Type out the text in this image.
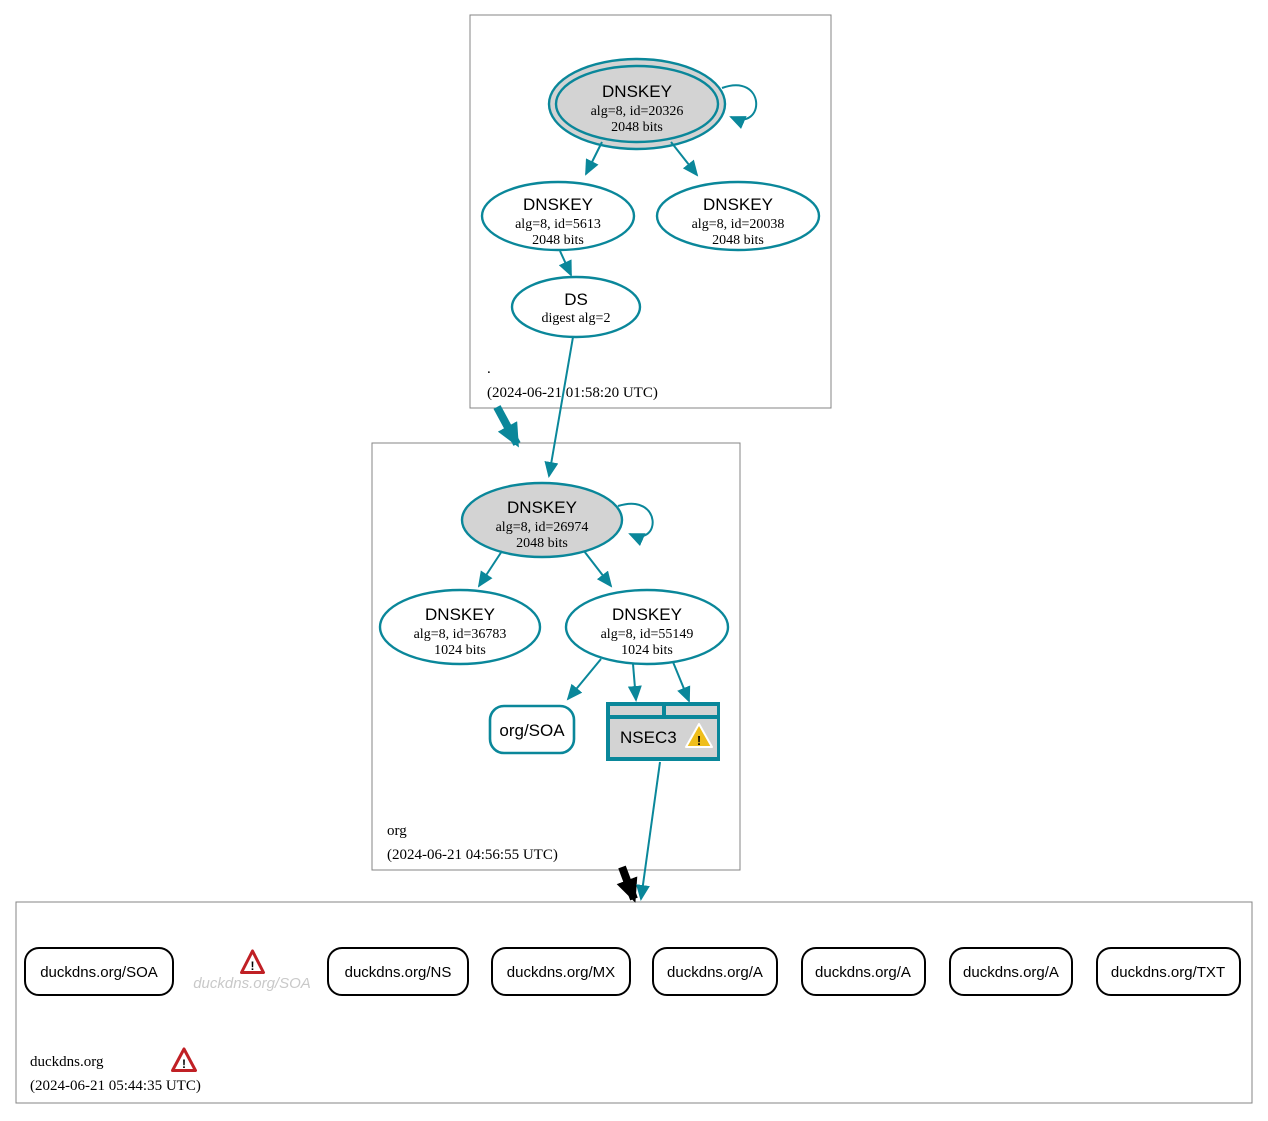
DNSKEY
alg=8, id=20326
2048 bits
DNSKEY
alg=8, id=5613
2048 bits
DNSKEY
alg=8, id=20038
2048 bits
DS
digest alg=2
.
(2024-06-21 01:58:20 UTC)
DNSKEY
alg=8, id=26974
2048 bits
DNSKEY
alg=8, id=36783
1024 bits
DNSKEY
alg=8, id=55149
1024 bits
org/SOA	NSEC3 !
org
(2024-06-21 04:56:55 UTC)
duckdns.org/SOA	!
duckdns.org/SOA
duckdns.org/NS	duckdns.org/MX	duckdns.org/A	duckdns.org/A	duckdns.org/A	duckdns.org/TXT
duckdns.org	!
(2024-06-21 05:44:35 UTC)
